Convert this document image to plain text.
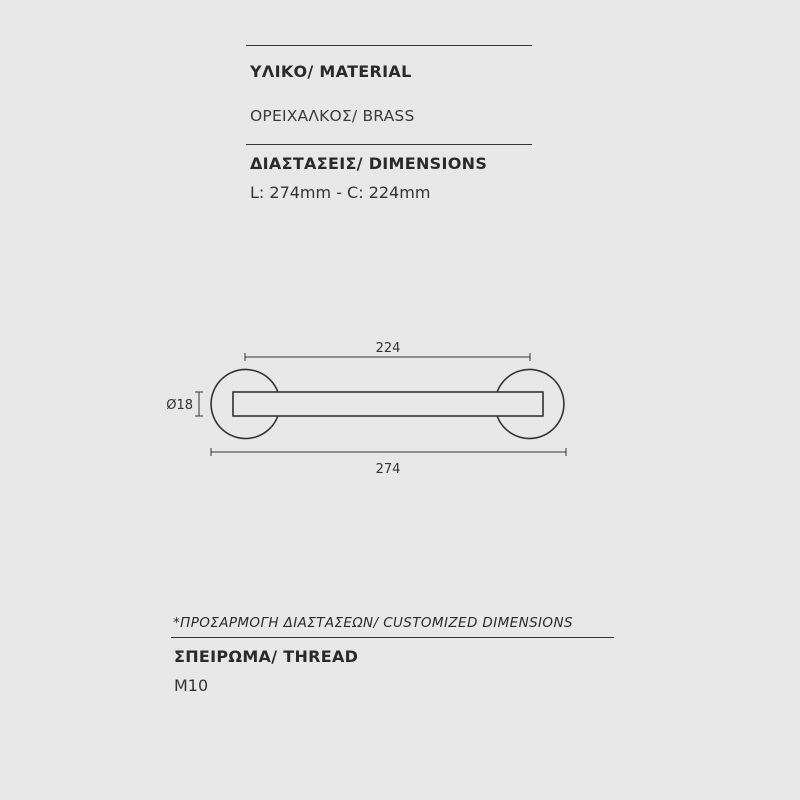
ΥΛΙΚΟ/ MATERIAL
ΟΡΕΙΧΑΛΚΟΣ/ BRASS
ΔΙΑΣΤΑΣΕΙΣ/ DIMENSIONS
L: 274mm - C: 224mm
224
Ø18
274
*ΠΡΟΣΑΡΜΟΓΗ ΔΙΑΣΤΑΣΕΩΝ/ CUSTOMIZED DIMENSIONS
ΣΠΕΙΡΩΜΑ/ THREAD
M10
